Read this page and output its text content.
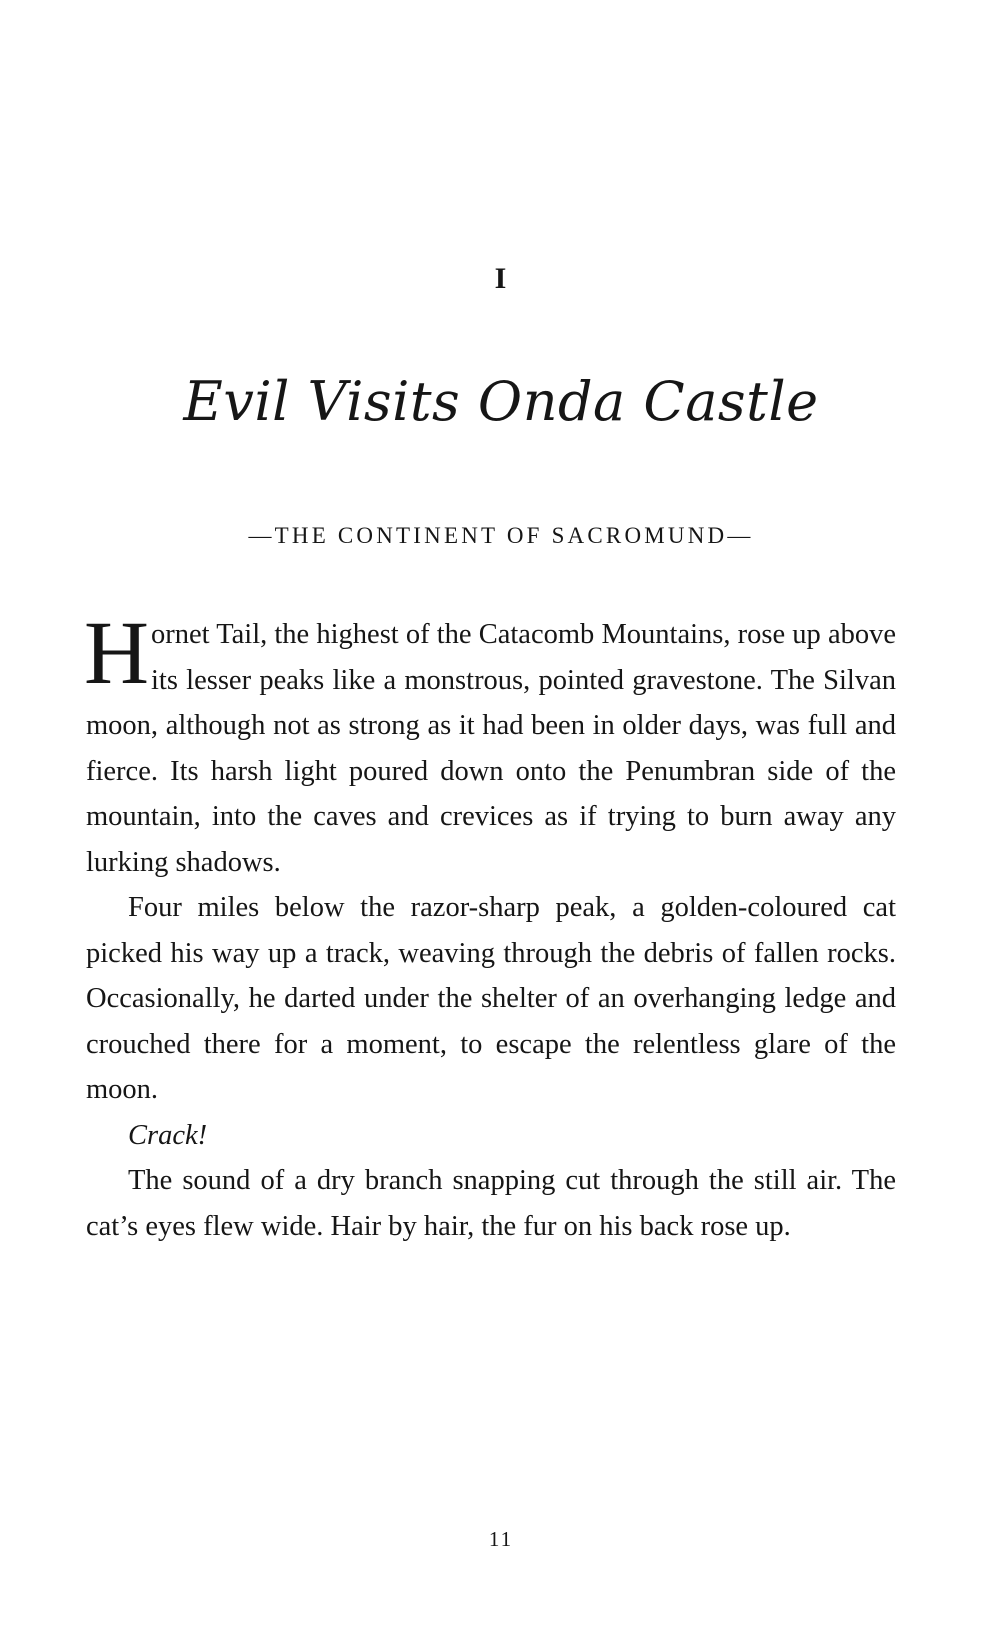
I
Evil Visits Onda Castle
—THE CONTINENT OF SACROMUND—

Hornet Tail, the highest of the Catacomb Mountains, rose up above its lesser peaks like a monstrous, pointed gravestone. The Silvan moon, although not as strong as it had been in older days, was full and fierce. Its harsh light poured down onto the Penumbran side of the mountain, into the caves and crevices as if trying to burn away any lurking shadows.

Four miles below the razor-sharp peak, a golden-coloured cat picked his way up a track, weaving through the debris of fallen rocks. Occasionally, he darted under the shelter of an overhanging ledge and crouched there for a moment, to escape the relentless glare of the moon.

Crack!

The sound of a dry branch snapping cut through the still air. The cat’s eyes flew wide. Hair by hair, the fur on his back rose up.

11
